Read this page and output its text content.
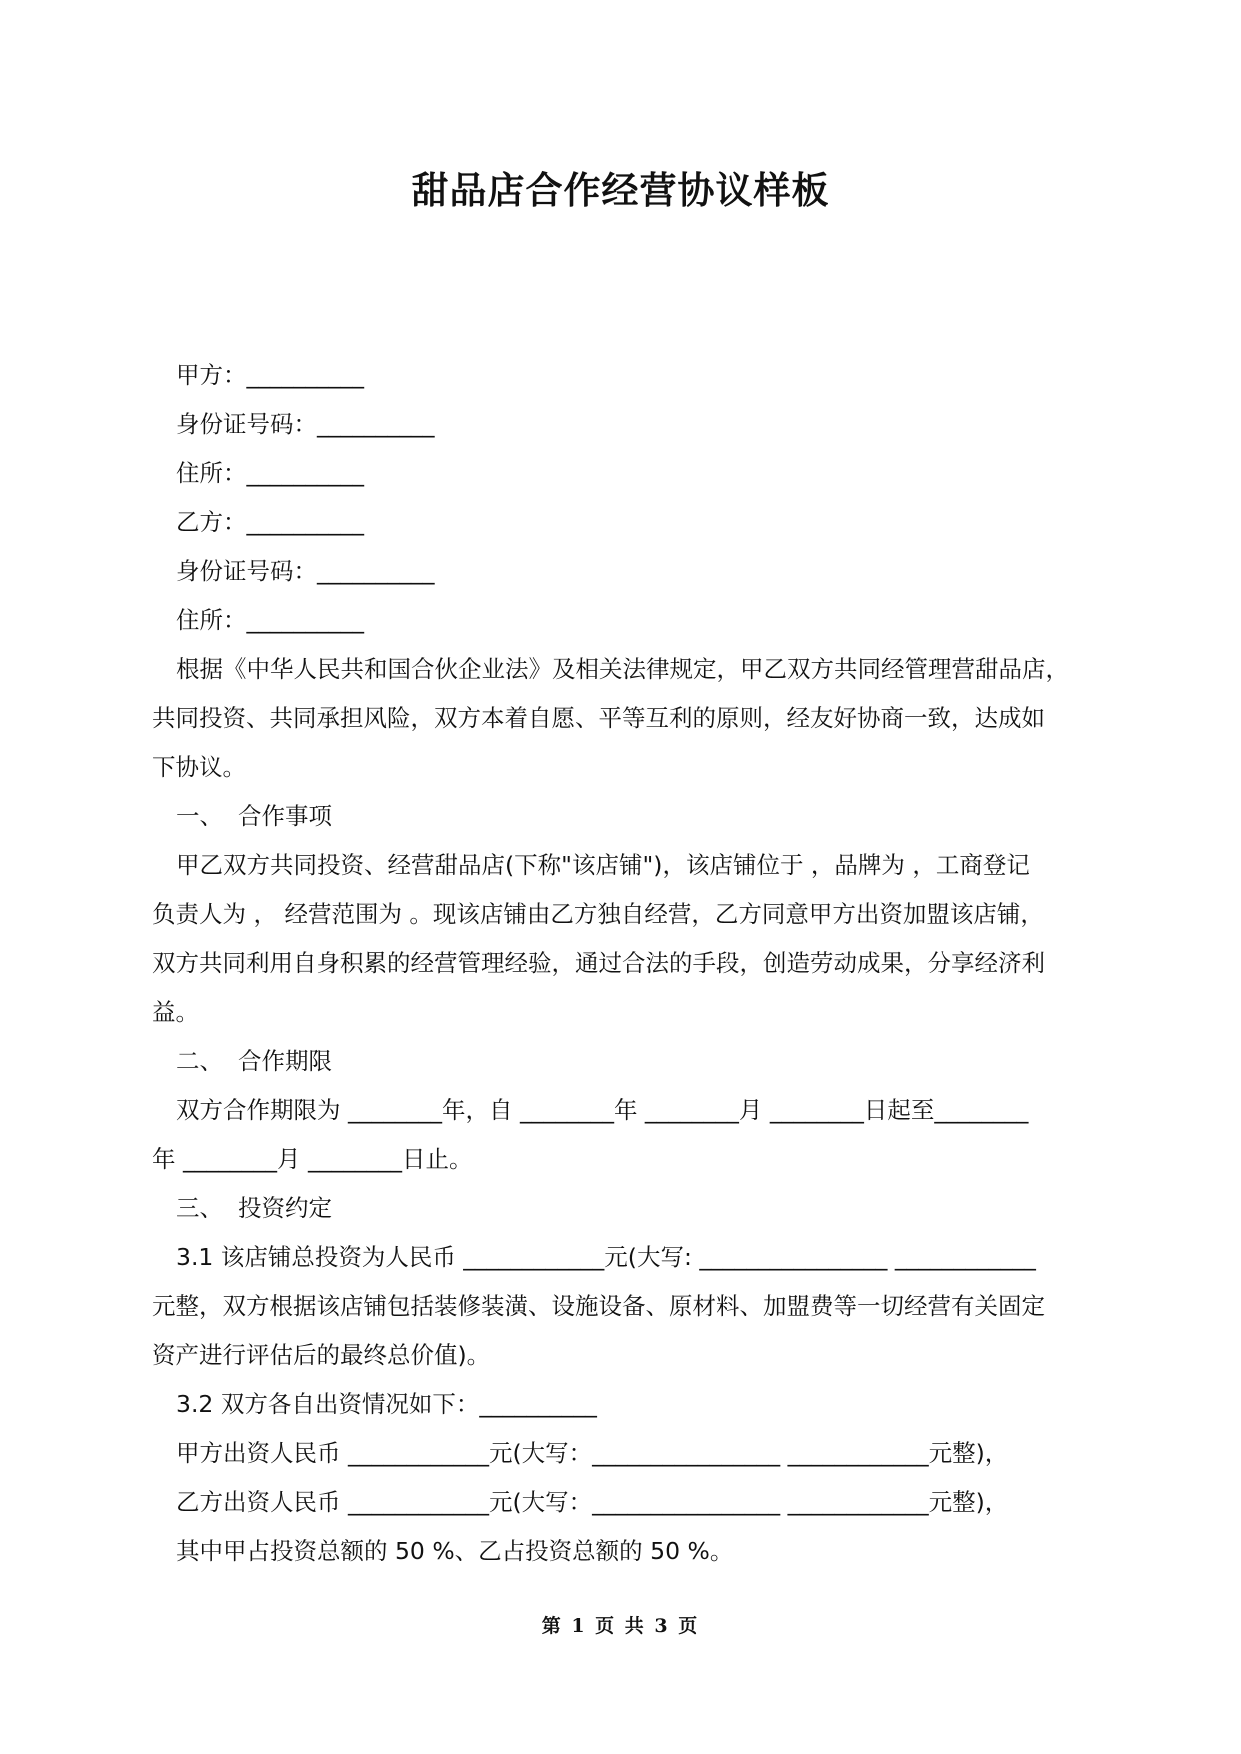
甜品店合作经营协议样板
甲方：__________
身份证号码：__________
住所：__________
乙方：__________
身份证号码：__________
住所：__________
根据《中华人民共和国合伙企业法》及相关法律规定，甲乙双方共同经管理营甜品店，
共同投资、共同承担风险，双方本着自愿、平等互利的原则，经友好协商一致，达成如
下协议。
一、  合作事项
甲乙双方共同投资、经营甜品店(下称"该店铺")，该店铺位于 ，品牌为 ，工商登记
负责人为 ， 经营范围为 。现该店铺由乙方独自经营，乙方同意甲方出资加盟该店铺，
双方共同利用自身积累的经营管理经验，通过合法的手段，创造劳动成果，分享经济利
益。
二、  合作期限
双方合作期限为 ________年，自 ________年 ________月 ________日起至________
年 ________月 ________日止。
三、  投资约定
3.1 该店铺总投资为人民币 ____________元(大写: ________________ ____________
元整，双方根据该店铺包括装修装潢、设施设备、原材料、加盟费等一切经营有关固定
资产进行评估后的最终总价值)。
3.2 双方各自出资情况如下：__________
甲方出资人民币 ____________元(大写：________________ ____________元整)，
乙方出资人民币 ____________元(大写：________________ ____________元整)，
其中甲占投资总额的 50 %、乙占投资总额的 50 %。
第 1 页 共 3 页
